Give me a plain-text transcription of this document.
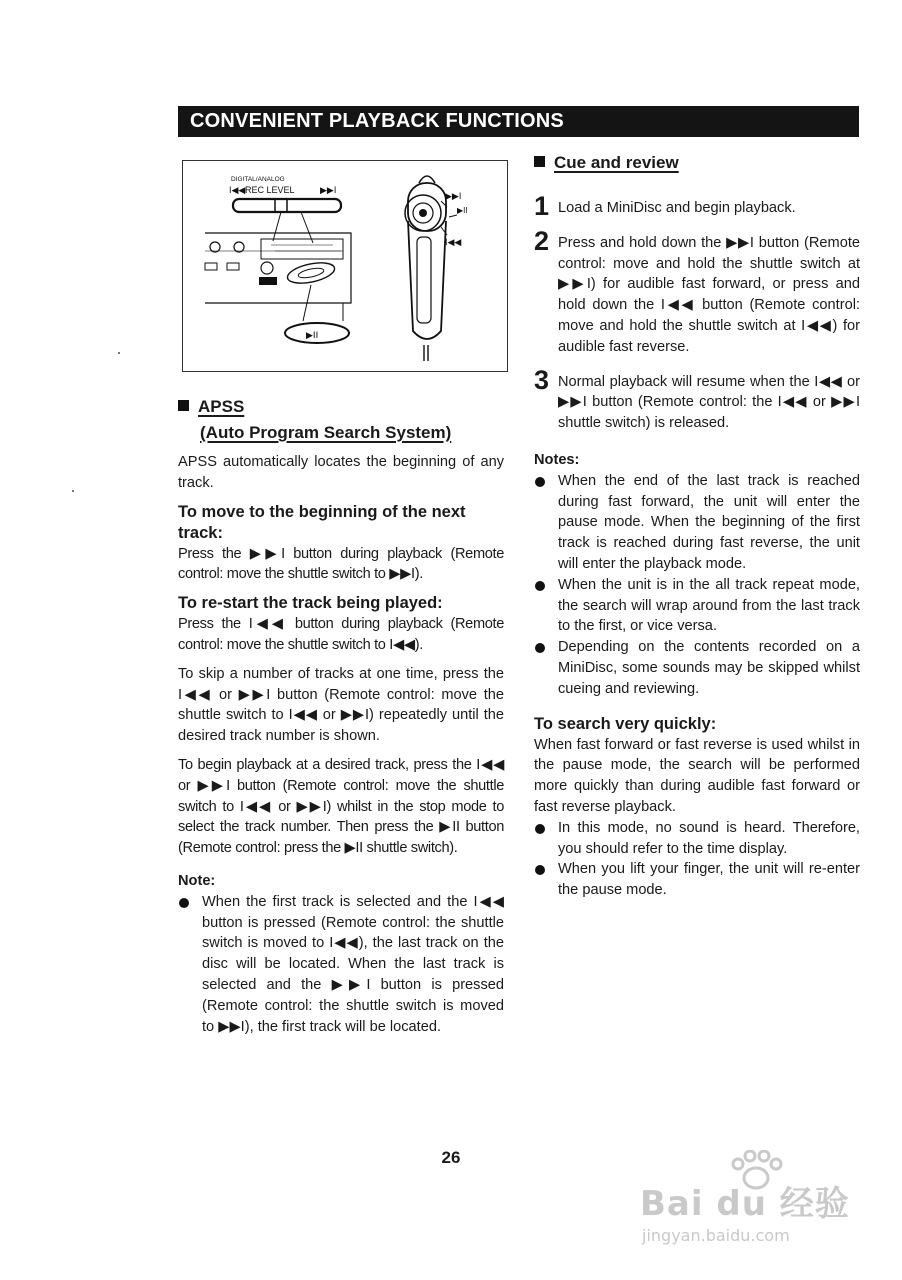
CONVENIENT PLAYBACK FUNCTIONS
DIGITAL/ANALOG
I◀◀ REC LEVEL	▶▶I
▶II
▶▶I
▶II
I◀◀
APSS
(Auto Program Search System)

APSS automatically locates the beginning of any track.

To move to the beginning of the next track:

Press the ▶▶I button during playback (Remote control: move the shuttle switch to ▶▶I).

To re-start the track being played:

Press the I◀◀ button during playback (Remote control: move the shuttle switch to I◀◀).

To skip a number of tracks at one time, press the I◀◀ or ▶▶I button (Remote control: move the shuttle switch to I◀◀ or ▶▶I) repeatedly until the desired track number is shown.

To begin playback at a desired track, press the I◀◀ or ▶▶I button (Remote control: move the shuttle switch to I◀◀ or ▶▶I) whilst in the stop mode to select the track number. Then press the ▶II button (Remote control: press the ▶II shuttle switch).

Note:
When the first track is selected and the I◀◀ button is pressed (Remote control: the shuttle switch is moved to I◀◀), the last track on the disc will be located. When the last track is selected and the ▶▶I button is pressed (Remote control: the shuttle switch is moved to ▶▶I), the first track will be located.
Cue and review
1 Load a MiniDisc and begin playback.
2 Press and hold down the ▶▶I button (Remote control: move and hold the shuttle switch at ▶▶I) for audible fast forward, or press and hold down the I◀◀ button (Remote control: move and hold the shuttle switch at I◀◀) for audible fast reverse.
3 Normal playback will resume when the I◀◀ or ▶▶I button (Remote control: the I◀◀ or ▶▶I shuttle switch) is released.
Notes:
When the end of the last track is reached during fast forward, the unit will enter the pause mode. When the beginning of the first track is reached during fast reverse, the unit will enter the playback mode.
When the unit is in the all track repeat mode, the search will wrap around from the last track to the first, or vice versa.
Depending on the contents recorded on a MiniDisc, some sounds may be skipped whilst cueing and reviewing.
To search very quickly:

When fast forward or fast reverse is used whilst in the pause mode, the search will be performed more quickly than during audible fast forward or fast reverse playback.

In this mode, no sound is heard. Therefore, you should refer to the time display.
When you lift your finger, the unit will re-enter the pause mode.
26
Bai du 经验
jingyan.baidu.com
